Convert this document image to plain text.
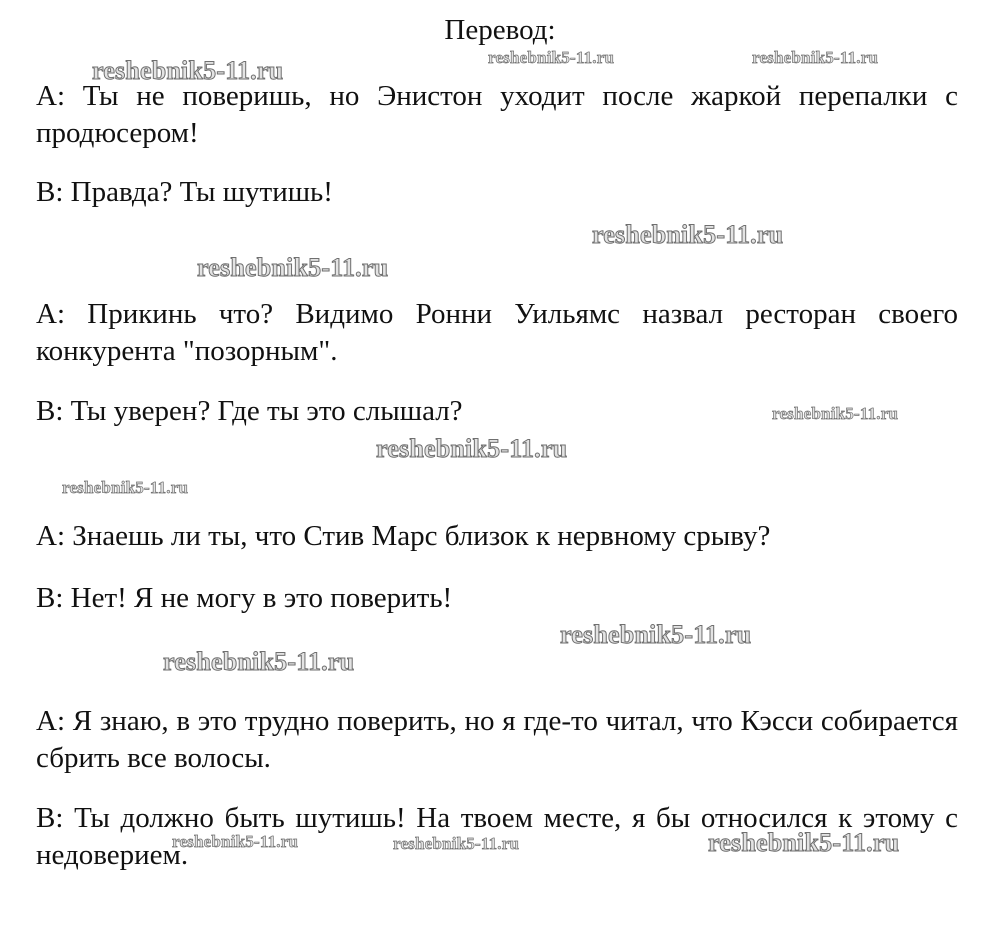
Перевод:

А: Ты не поверишь, но Энистон уходит после жаркой перепалки с продюсером!

В: Правда? Ты шутишь!

А: Прикинь что? Видимо Ронни Уильямс назвал ресторан своего конкурента "позорным".

В: Ты уверен? Где ты это слышал?

А: Знаешь ли ты, что Стив Марс близок к нервному срыву?

В: Нет! Я не могу в это поверить!

А: Я знаю, в это трудно поверить, но я где-то читал, что Кэсси собирается сбрить все волосы.

В: Ты должно быть шутишь! На твоем месте, я бы относился к этому с недоверием.

reshebnik5-11.ru	reshebnik5-11.ru	reshebnik5-11.ru
reshebnik5-11.ru
reshebnik5-11.ru
reshebnik5-11.ru
reshebnik5-11.ru
reshebnik5-11.ru
reshebnik5-11.ru
reshebnik5-11.ru
reshebnik5-11.ru	reshebnik5-11.ru	reshebnik5-11.ru
